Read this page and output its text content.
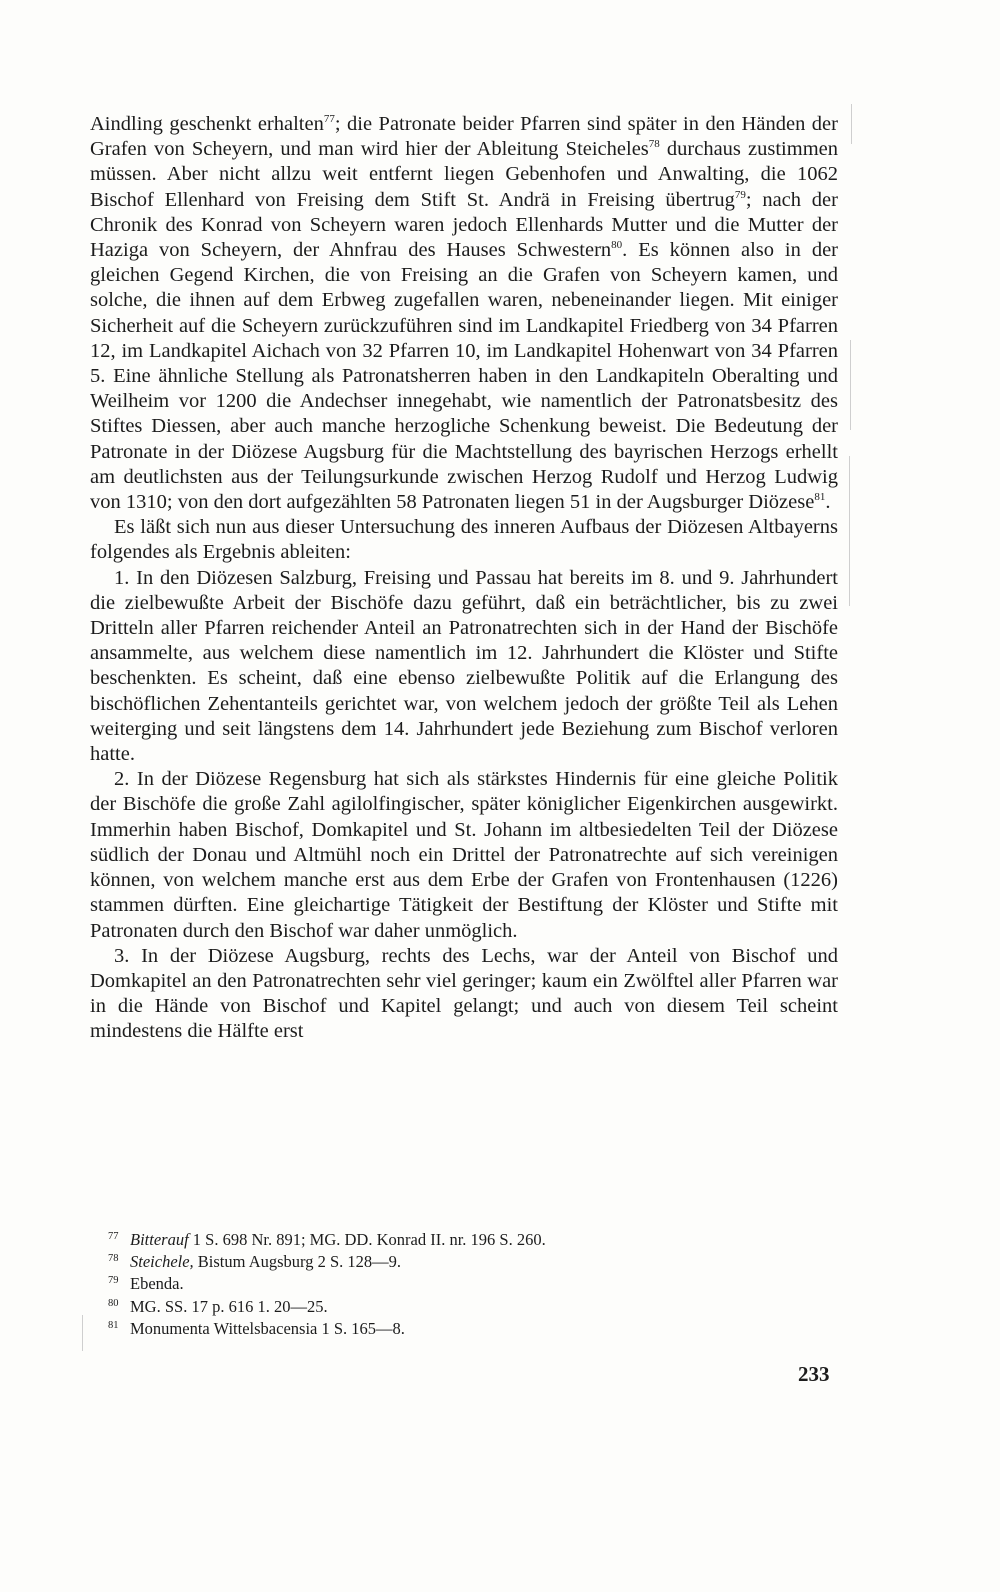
Aindling geschenkt erhalten$^{77}$; die Patronate beider Pfarren sind später in den Händen der Grafen von Scheyern, und man wird hier der Ableitung Steicheles$^{78}$ durchaus zustimmen müssen. Aber nicht allzu weit entfernt liegen Gebenhofen und Anwalting, die 1062 Bischof Ellenhard von Freising dem Stift St. Andrä in Freising übertrug$^{79}$; nach der Chronik des Konrad von Scheyern waren jedoch Ellenhards Mutter und die Mutter der Haziga von Scheyern, der Ahnfrau des Hauses Schwestern$^{80}$. Es können also in der gleichen Gegend Kirchen, die von Freising an die Grafen von Scheyern kamen, und solche, die ihnen auf dem Erbweg zugefallen waren, nebeneinander liegen. Mit einiger Sicherheit auf die Scheyern zurückzuführen sind im Landkapitel Friedberg von 34 Pfarren 12, im Landkapitel Aichach von 32 Pfarren 10, im Landkapitel Hohenwart von 34 Pfarren 5. Eine ähnliche Stellung als Patronatsherren haben in den Landkapiteln Oberalting und Weilheim vor 1200 die Andechser innegehabt, wie namentlich der Patronatsbesitz des Stiftes Diessen, aber auch manche herzogliche Schenkung beweist. Die Bedeutung der Patronate in der Diözese Augsburg für die Machtstellung des bayrischen Herzogs erhellt am deutlichsten aus der Teilungsurkunde zwischen Herzog Rudolf und Herzog Ludwig von 1310; von den dort aufgezählten 58 Patronaten liegen 51 in der Augsburger Diözese$^{81}$.

Es läßt sich nun aus dieser Untersuchung des inneren Aufbaus der Diözesen Altbayerns folgendes als Ergebnis ableiten:

1. In den Diözesen Salzburg, Freising und Passau hat bereits im 8. und 9. Jahrhundert die zielbewußte Arbeit der Bischöfe dazu geführt, daß ein beträchtlicher, bis zu zwei Dritteln aller Pfarren reichender Anteil an Patronatrechten sich in der Hand der Bischöfe ansammelte, aus welchem diese namentlich im 12. Jahrhundert die Klöster und Stifte beschenkten. Es scheint, daß eine ebenso zielbewußte Politik auf die Erlangung des bischöflichen Zehentanteils gerichtet war, von welchem jedoch der größte Teil als Lehen weiterging und seit längstens dem 14. Jahrhundert jede Beziehung zum Bischof verloren hatte.

2. In der Diözese Regensburg hat sich als stärkstes Hindernis für eine gleiche Politik der Bischöfe die große Zahl agilolfingischer, später königlicher Eigenkirchen ausgewirkt. Immerhin haben Bischof, Domkapitel und St. Johann im altbesiedelten Teil der Diözese südlich der Donau und Altmühl noch ein Drittel der Patronatrechte auf sich vereinigen können, von welchem manche erst aus dem Erbe der Grafen von Frontenhausen (1226) stammen dürften. Eine gleichartige Tätigkeit der Bestiftung der Klöster und Stifte mit Patronaten durch den Bischof war daher unmöglich.

3. In der Diözese Augsburg, rechts des Lechs, war der Anteil von Bischof und Domkapitel an den Patronatrechten sehr viel geringer; kaum ein Zwölftel aller Pfarren war in die Hände von Bischof und Kapitel gelangt; und auch von diesem Teil scheint mindestens die Hälfte erst

77 Bitterauf 1 S. 698 Nr. 891; MG. DD. Konrad II. nr. 196 S. 260.
78 Steichele, Bistum Augsburg 2 S. 128—9.
79 Ebenda.
80 MG. SS. 17 p. 616 1. 20—25.
81 Monumenta Wittelsbacensia 1 S. 165—8.
233
